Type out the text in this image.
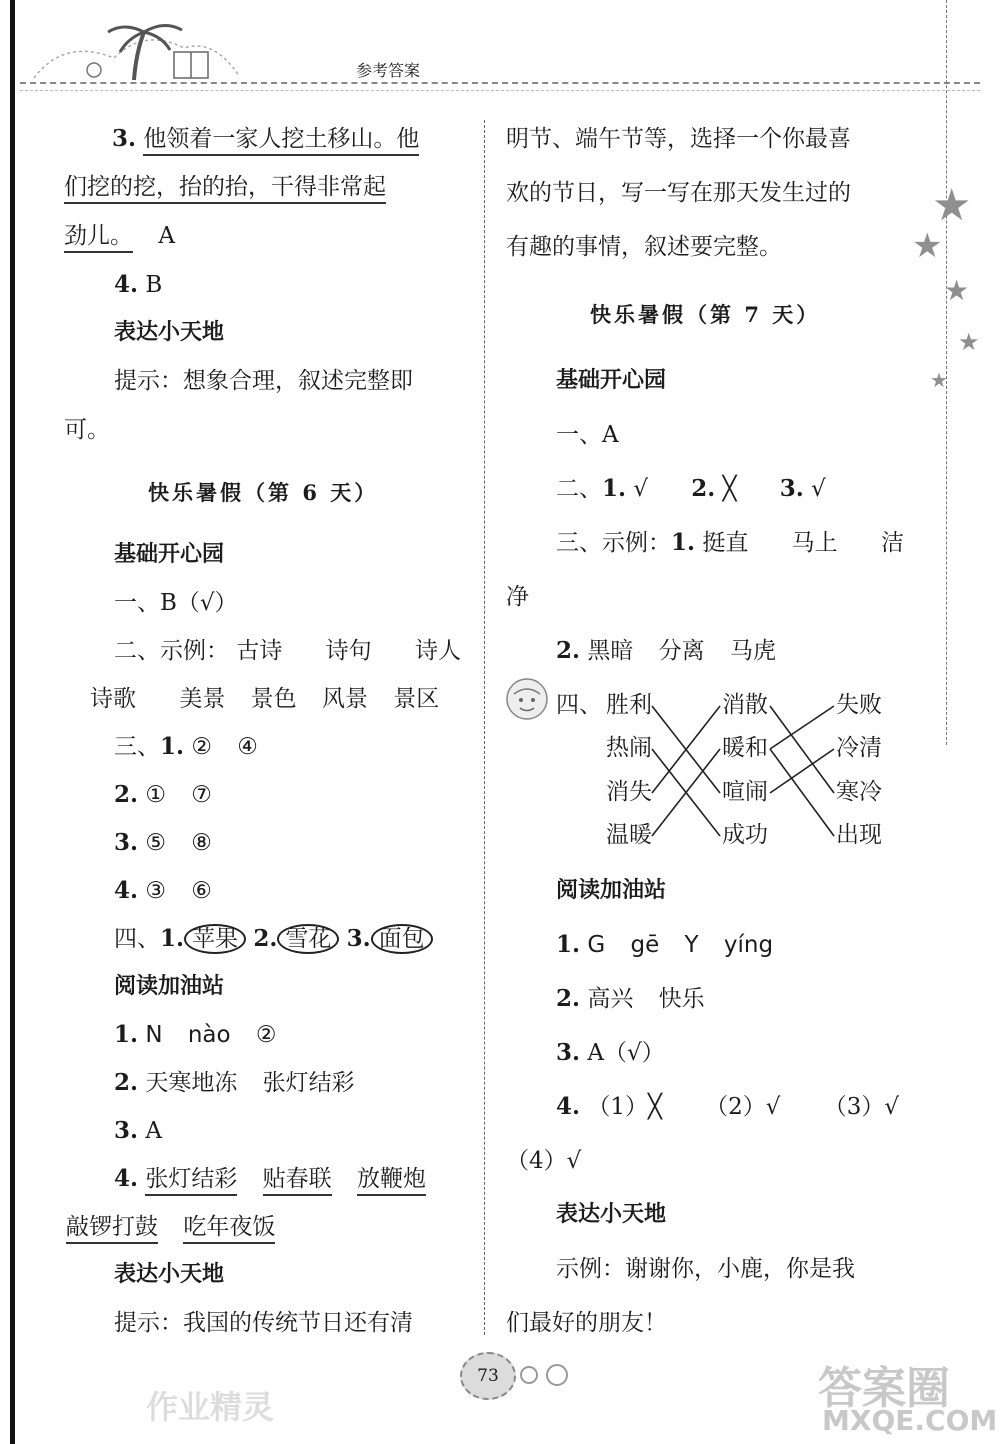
参考答案
★
★
★
★
★
3. 他领着一家人挖土移山。他
们挖的挖，抬的抬，干得非常起
劲儿。 A
4. B
表达小天地
提示：想象合理，叙述完整即
可。
快乐暑假（第 6 天）
基础开心园
一、B（√）
二、示例： 古诗 诗句 诗人
诗歌 美景 景色 风景 景区
三、1. ② ④
2. ① ⑦
3. ⑤ ⑧
4. ③ ⑥
四、1. 苹果 2. 雪花 3. 面包
阅读加油站
1. N nào ②
2. 天寒地冻 张灯结彩
3. A
4. 张灯结彩 贴春联 放鞭炮
敲锣打鼓 吃年夜饭
表达小天地
提示：我国的传统节日还有清
明节、端午节等，选择一个你最喜
欢的节日，写一写在那天发生过的
有趣的事情，叙述要完整。
快乐暑假（第 7 天）
基础开心园
一、A
二、1. √ 2. ╳ 3. √
三、示例：1. 挺直 马上 洁
净
2. 黑暗 分离 马虎
四、 胜利
热闹
消失
温暖
消散
暖和
喧闹
成功
失败
冷清
寒冷
出现
阅读加油站
1. G gē Y yíng
2. 高兴 快乐
3. A（√）
4. （1）╳ （2）√ （3）√
（4）√
表达小天地
示例：谢谢你，小鹿，你是我
们最好的朋友！
73
作业精灵	答案圈
MXQE.COM
